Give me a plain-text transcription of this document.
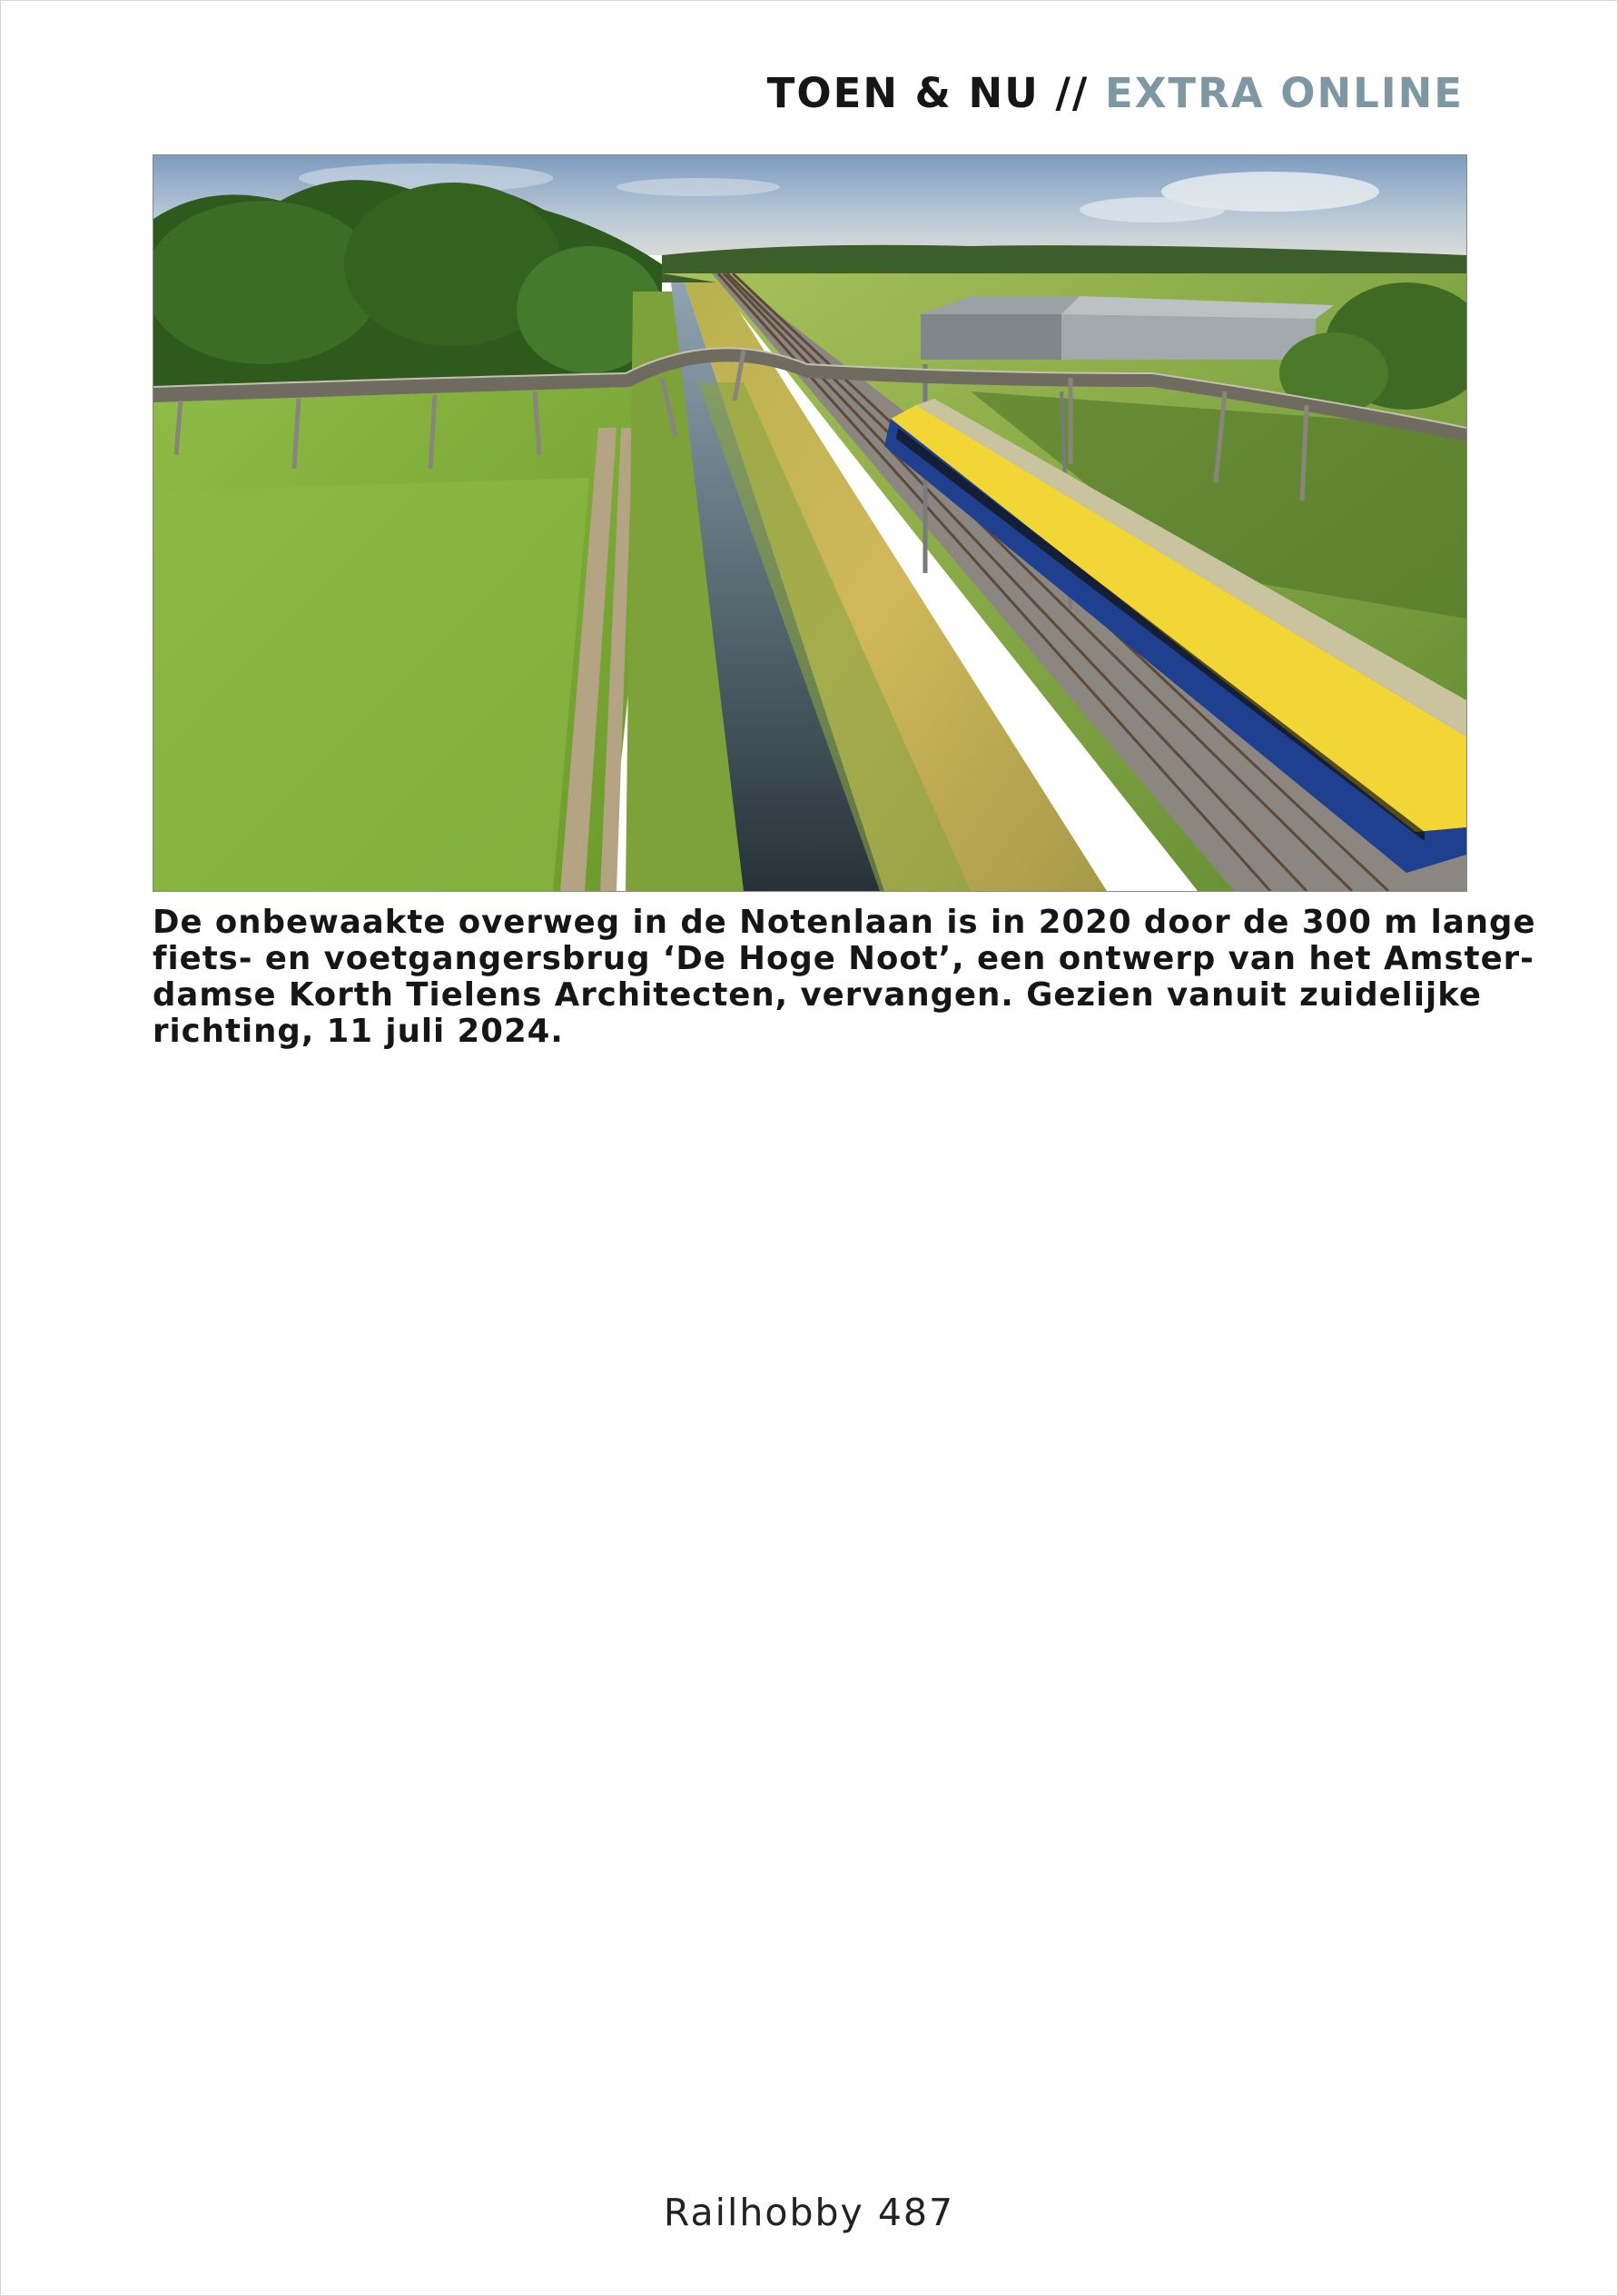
TOEN & NU // EXTRA ONLINE
De onbewaakte overweg in de Notenlaan is in 2020 door de 300 m lange
fiets- en voetgangersbrug ‘De Hoge Noot’, een ontwerp van het Amster-
damse Korth Tielens Architecten, vervangen. Gezien vanuit zuidelijke
richting, 11 juli 2024.
Railhobby 487
